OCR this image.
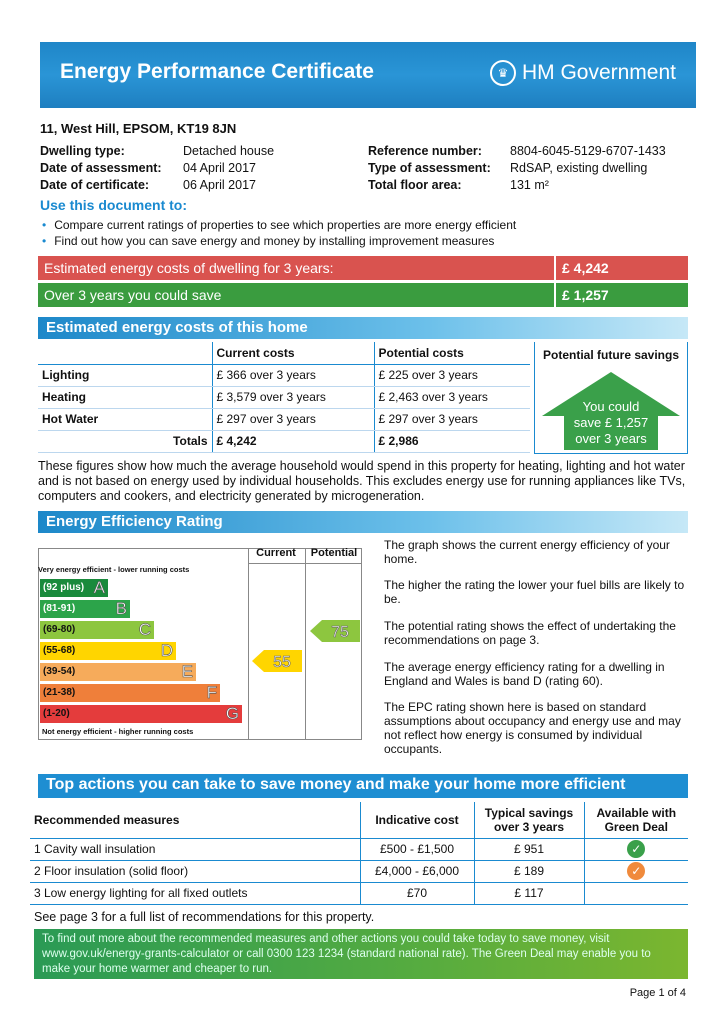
Energy Performance Certificate	♛ HM Government
11, West Hill, EPSOM, KT19 8JN
Dwelling type:	Detached house
Date of assessment: 04 April 2017
Date of certificate:	06 April 2017
Reference number: 8804-6045-5129-6707-1433
Type of assessment: RdSAP, existing dwelling
Total floor area:	131 m²
Use this document to:
• Compare current ratings of properties to see which properties are more energy efficient
• Find out how you can save energy and money by installing improvement measures
Estimated energy costs of dwelling for 3 years:	£ 4,242
Over 3 years you could save	£ 1,257
Estimated energy costs of this home
	Current costs	Potential costs
Lighting	£ 366 over 3 years	£ 225 over 3 years
Heating	£ 3,579 over 3 years	£ 2,463 over 3 years
Hot Water	£ 297 over 3 years	£ 297 over 3 years
Totals	£ 4,242	£ 2,986
Potential future savings
You could
save £ 1,257
over 3 years
These figures show how much the average household would spend in this property for heating, lighting and hot water and is not based on energy used by individual households. This excludes energy use for running appliances like TVs, computers and cookers, and electricity generated by microgeneration.
Energy Efficiency Rating
Current	Potential
Very energy efficient - lower running costs
Not energy efficient - higher running costs
(92 plus) A
(81-91) B
(69-80)	C
(55-68)	D
(39-54)	E
(21-38)	F
(1-20)	G
55
75
The graph shows the current energy efficiency of your home.
The higher the rating the lower your fuel bills are likely to be.
The potential rating shows the effect of undertaking the recommendations on page 3.
The average energy efficiency rating for a dwelling in England and Wales is band D (rating 60).
The EPC rating shown here is based on standard assumptions about occupancy and energy use and may not reflect how energy is consumed by individual occupants.
Top actions you can take to save money and make your home more efficient
Recommended measures	Indicative cost	Typical savings over 3 years	Available with Green Deal
1 Cavity wall insulation	£500 - £1,500	£ 951	✓
2 Floor insulation (solid floor)	£4,000 - £6,000	£ 189	✓
3 Low energy lighting for all fixed outlets	£70	£ 117	
See page 3 for a full list of recommendations for this property.
To find out more about the recommended measures and other actions you could take today to save money, visit www.gov.uk/energy-grants-calculator or call 0300 123 1234 (standard national rate). The Green Deal may enable you to make your home warmer and cheaper to run.
Page 1 of 4
